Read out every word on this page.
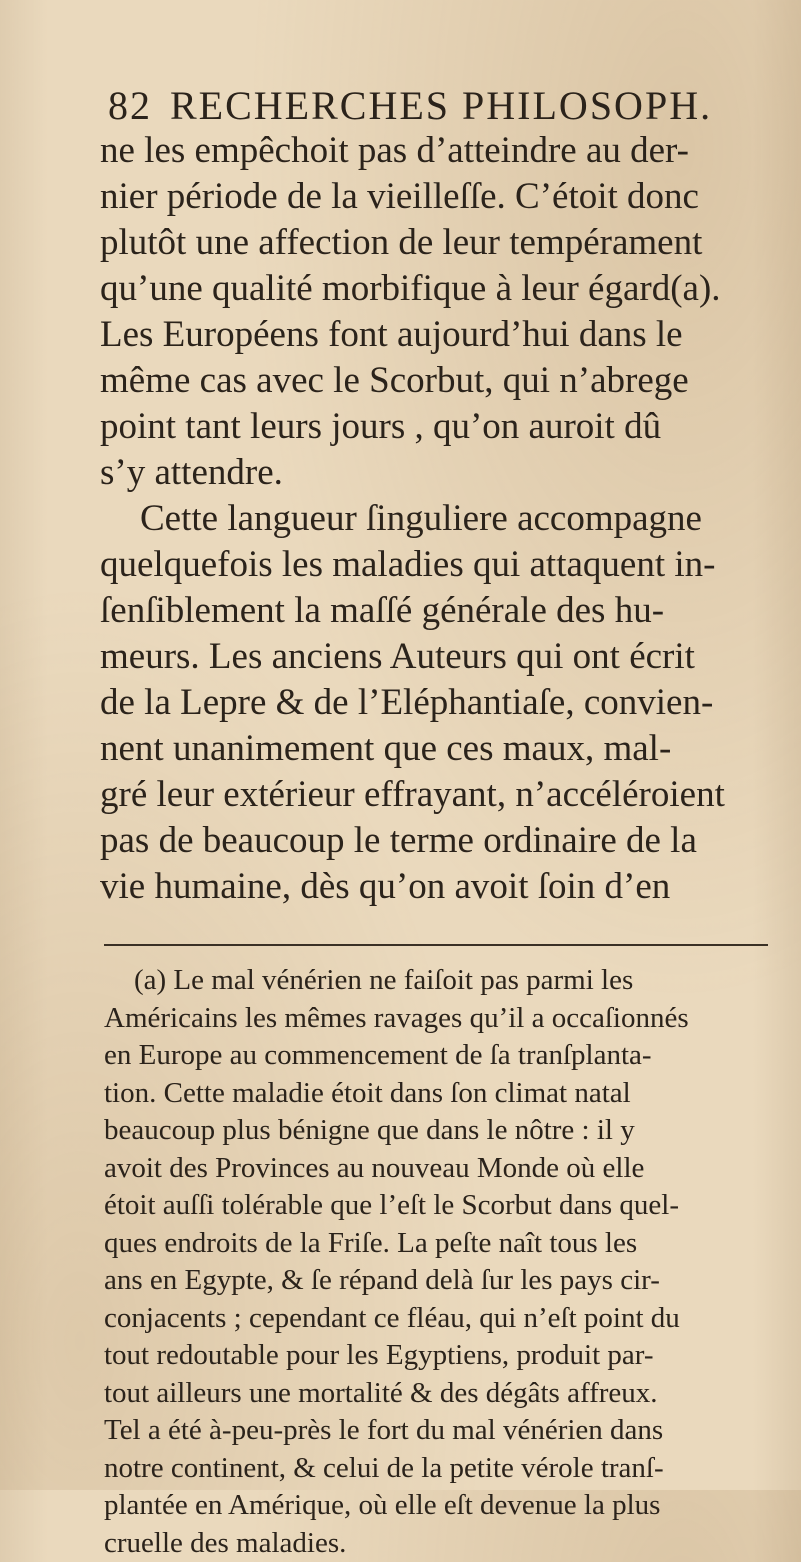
82 RECHERCHES PHILOSOPH.
ne les empêchoit pas d’atteindre au der-
nier période de la vieilleſſe. C’étoit donc
plutôt une affection de leur tempérament
qu’une qualité morbifique à leur égard(a).
Les Européens font aujourd’hui dans le
même cas avec le Scorbut, qui n’abrege
point tant leurs jours , qu’on auroit dû
s’y attendre.
Cette langueur ſinguliere accompagne
quelquefois les maladies qui attaquent in-
ſenſiblement la maſſé générale des hu-
meurs. Les anciens Auteurs qui ont écrit
de la Lepre & de l’Eléphantiaſe, convien-
nent unanimement que ces maux, mal-
gré leur extérieur effrayant, n’accéléroient
pas de beaucoup le terme ordinaire de la
vie humaine, dès qu’on avoit ſoin d’en
(a) Le mal vénérien ne faiſoit pas parmi les
Américains les mêmes ravages qu’il a occaſionnés
en Europe au commencement de ſa tranſplanta-
tion. Cette maladie étoit dans ſon climat natal
beaucoup plus bénigne que dans le nôtre : il y
avoit des Provinces au nouveau Monde où elle
étoit auſſi tolérable que l’eſt le Scorbut dans quel-
ques endroits de la Friſe. La peſte naît tous les
ans en Egypte, & ſe répand delà ſur les pays cir-
conjacents ; cependant ce fléau, qui n’eſt point du
tout redoutable pour les Egyptiens, produit par-
tout ailleurs une mortalité & des dégâts affreux.
Tel a été à-peu-près le fort du mal vénérien dans
notre continent, & celui de la petite vérole tranſ-
plantée en Amérique, où elle eſt devenue la plus
cruelle des maladies.
